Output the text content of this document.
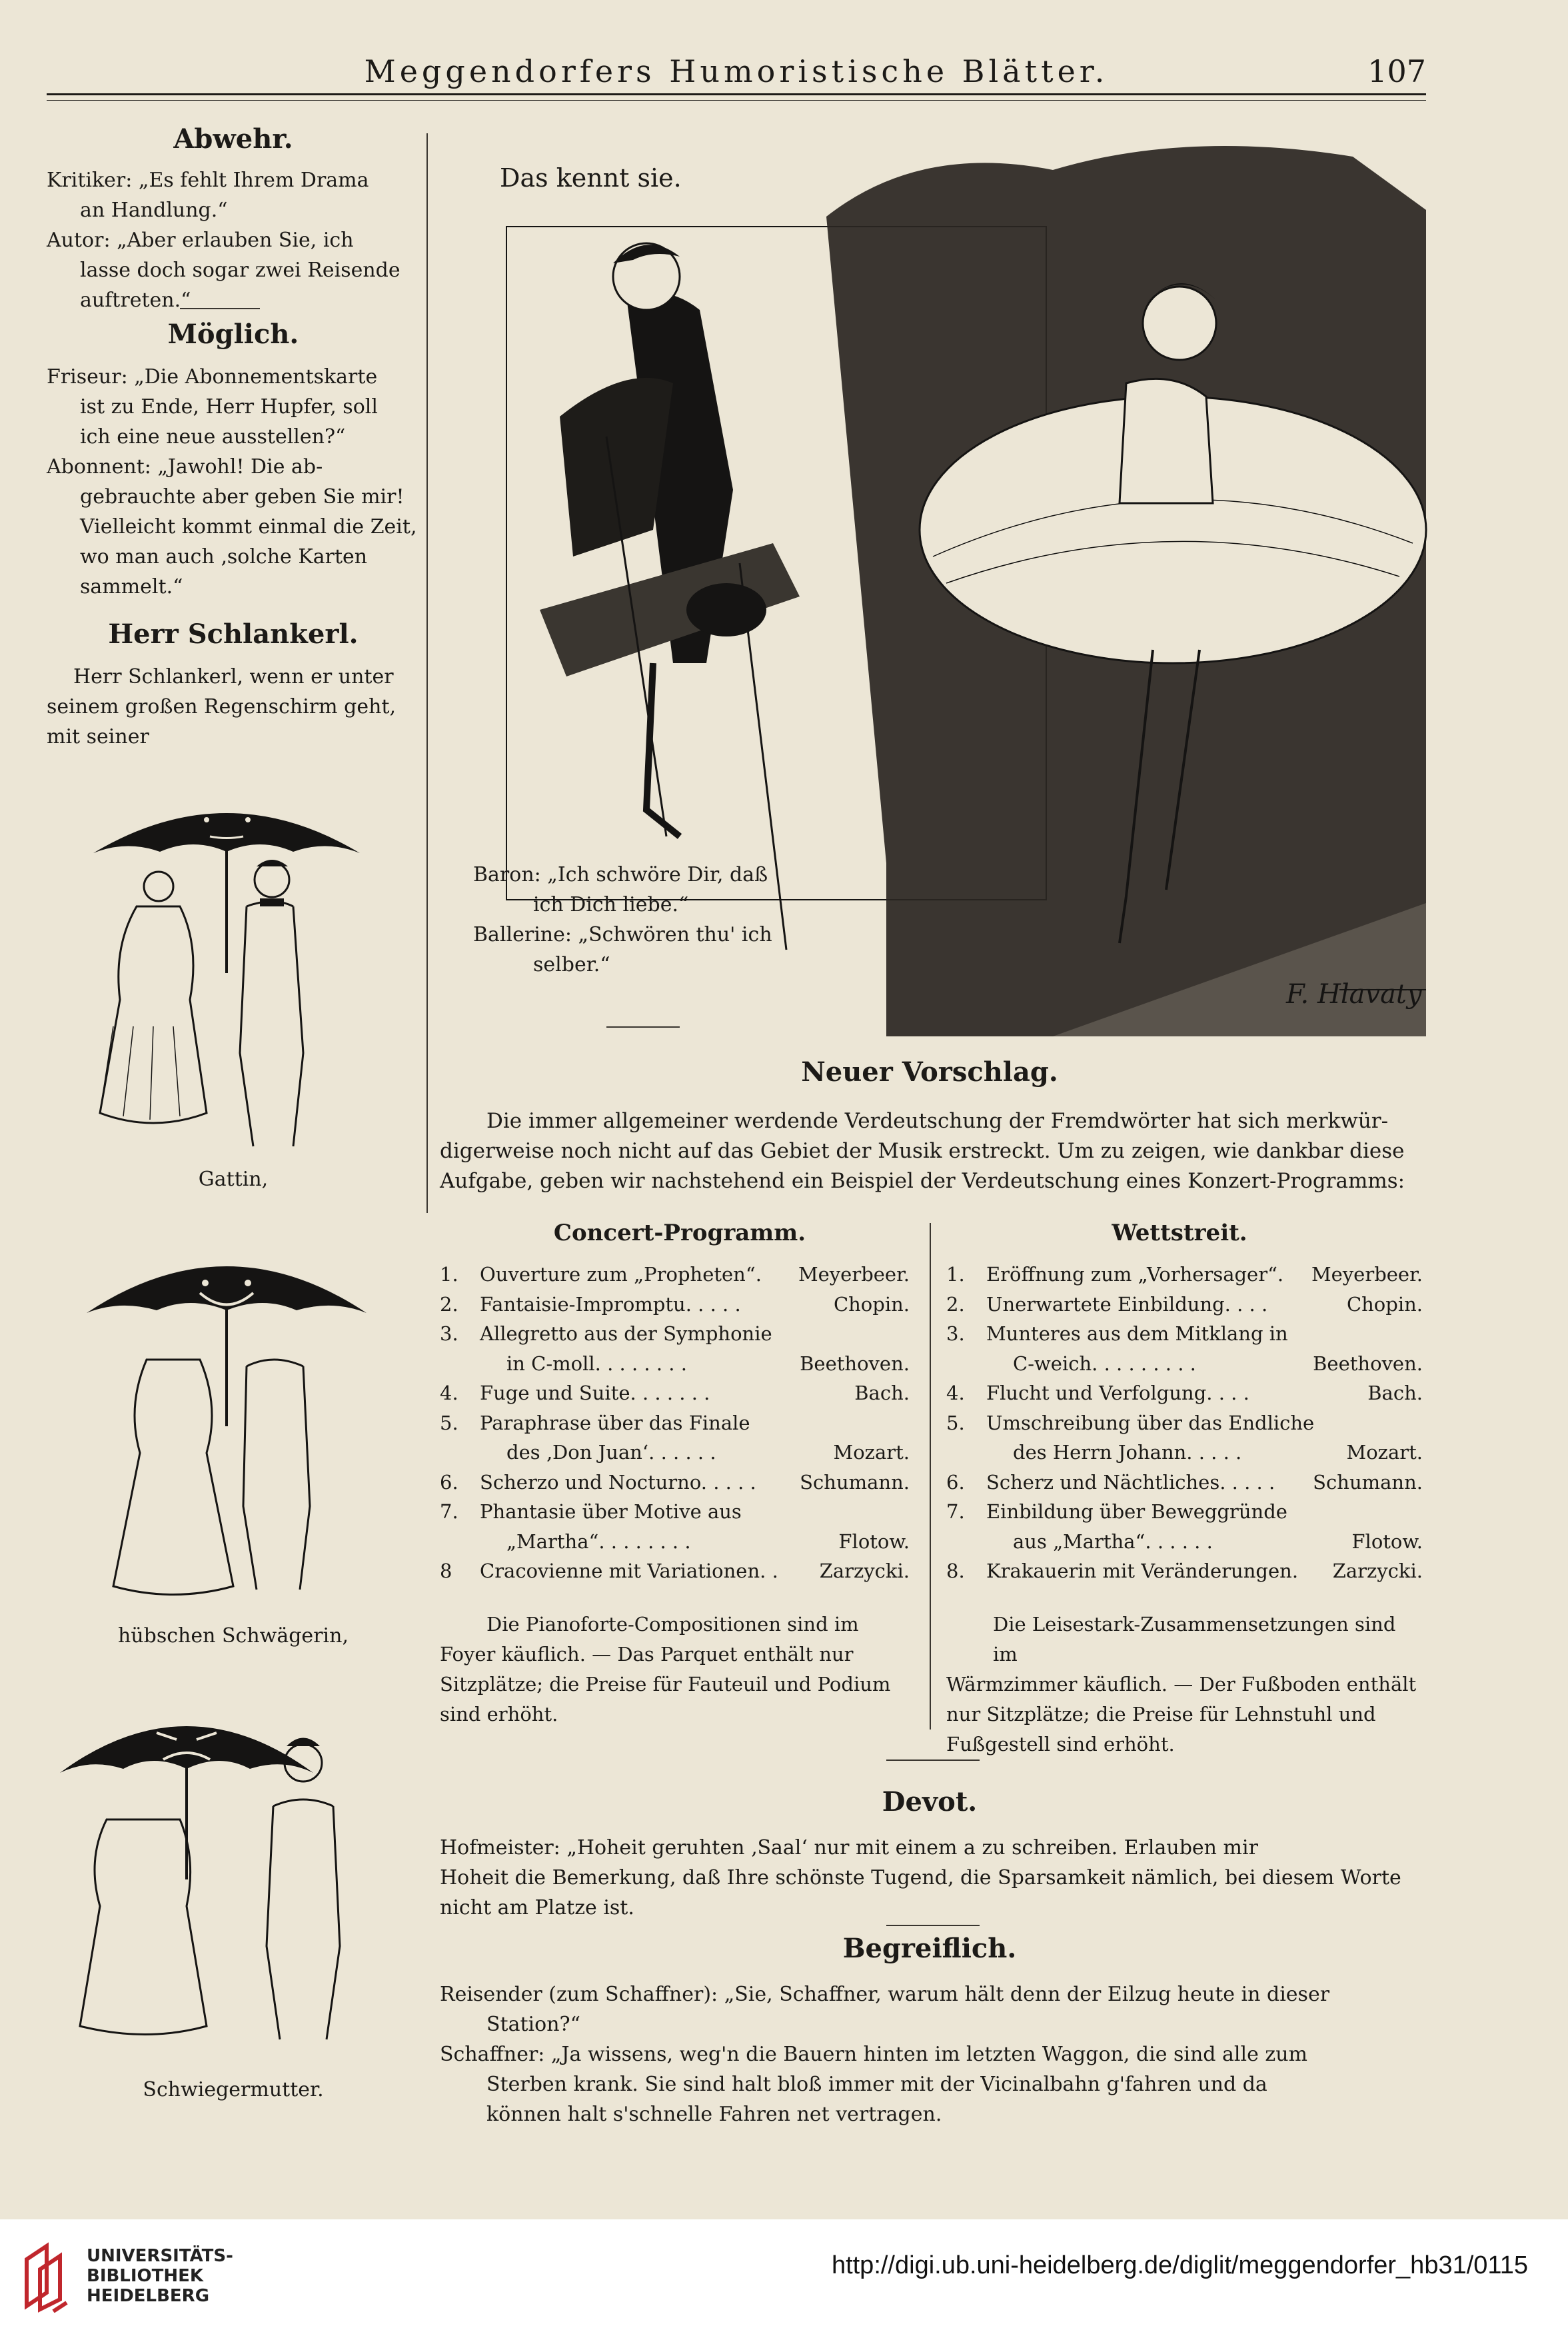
Meggendorfers Humoristische Blätter.	107
Abwehr.
Kritiker: „Es fehlt Ihrem Drama
an Handlung.“
Autor: „Aber erlauben Sie, ich
lasse doch sogar zwei Reisende
auftreten.“
Möglich.
Friseur: „Die Abonnementskarte
ist zu Ende, Herr Hupfer, soll
ich eine neue ausstellen?“
Abonnent: „Jawohl! Die ab-
gebrauchte aber geben Sie mir!
Vielleicht kommt einmal die Zeit,
wo man auch ‚solche Karten
sammelt.“
Herr Schlankerl.
Herr Schlankerl, wenn er unter
seinem großen Regenschirm geht,
mit seiner
Gattin,
hübschen Schwägerin,
Schwiegermutter.
Das kennt sie.
F. Hlavaty
Baron: „Ich schwöre Dir, daß
ich Dich liebe.“
Ballerine: „Schwören thu' ich
selber.“
Neuer Vorschlag.
Die immer allgemeiner werdende Verdeutschung der Fremdwörter hat sich merkwür-
digerweise noch nicht auf das Gebiet der Musik erstreckt. Um zu zeigen, wie dankbar diese
Aufgabe, geben wir nachstehend ein Beispiel der Verdeutschung eines Konzert-Programms:
Concert-Programm.
1. Ouverture zum „Propheten“. Meyerbeer.
2. Fantaisie-Impromptu. . . . .	Chopin.
3. Allegretto aus der Symphonie
in C-moll. . . . . . . .	Beethoven.
4. Fuge und Suite. . . . . . .	Bach.
5. Paraphrase über das Finale
des ‚Don Juan‘. . . . . .	Mozart.
6. Scherzo und Nocturno. . . . . Schumann.
7. Phantasie über Motive aus
„Martha“. . . . . . . .	Flotow.
8 Cracovienne mit Variationen. . Zarzycki.
Die Pianoforte-Compositionen sind im
Foyer käuflich. — Das Parquet enthält nur
Sitzplätze; die Preise für Fauteuil und Podium
sind erhöht.
Wettstreit.
1. Eröffnung zum „Vorhersager“. Meyerbeer.
2. Unerwartete Einbildung. . . .	Chopin.
3. Munteres aus dem Mitklang in
C-weich. . . . . . . . .	Beethoven.
4. Flucht und Verfolgung. . . .	Bach.
5. Umschreibung über das Endliche
des Herrn Johann. . . . .	Mozart.
6. Scherz und Nächtliches. . . . . Schumann.
7. Einbildung über Beweggründe
aus „Martha“. . . . . .	Flotow.
8. Krakauerin mit Veränderungen. Zarzycki.
Die Leisestark-Zusammensetzungen sind im
Wärmzimmer käuflich. — Der Fußboden enthält
nur Sitzplätze; die Preise für Lehnstuhl und
Fußgestell sind erhöht.
Devot.
Hofmeister: „Hoheit geruhten ‚Saal‘ nur mit einem a zu schreiben. Erlauben mir
Hoheit die Bemerkung, daß Ihre schönste Tugend, die Sparsamkeit nämlich, bei diesem Worte
nicht am Platze ist.
Begreiflich.
Reisender (zum Schaffner): „Sie, Schaffner, warum hält denn der Eilzug heute in dieser
Station?“
Schaffner: „Ja wissens, weg'n die Bauern hinten im letzten Waggon, die sind alle zum
Sterben krank. Sie sind halt bloß immer mit der Vicinalbahn g'fahren und da
können halt s'schnelle Fahren net vertragen.
UNIVERSITÄTS-
BIBLIOTHEK
HEIDELBERG
http://digi.ub.uni-heidelberg.de/diglit/meggendorfer_hb31/0115
